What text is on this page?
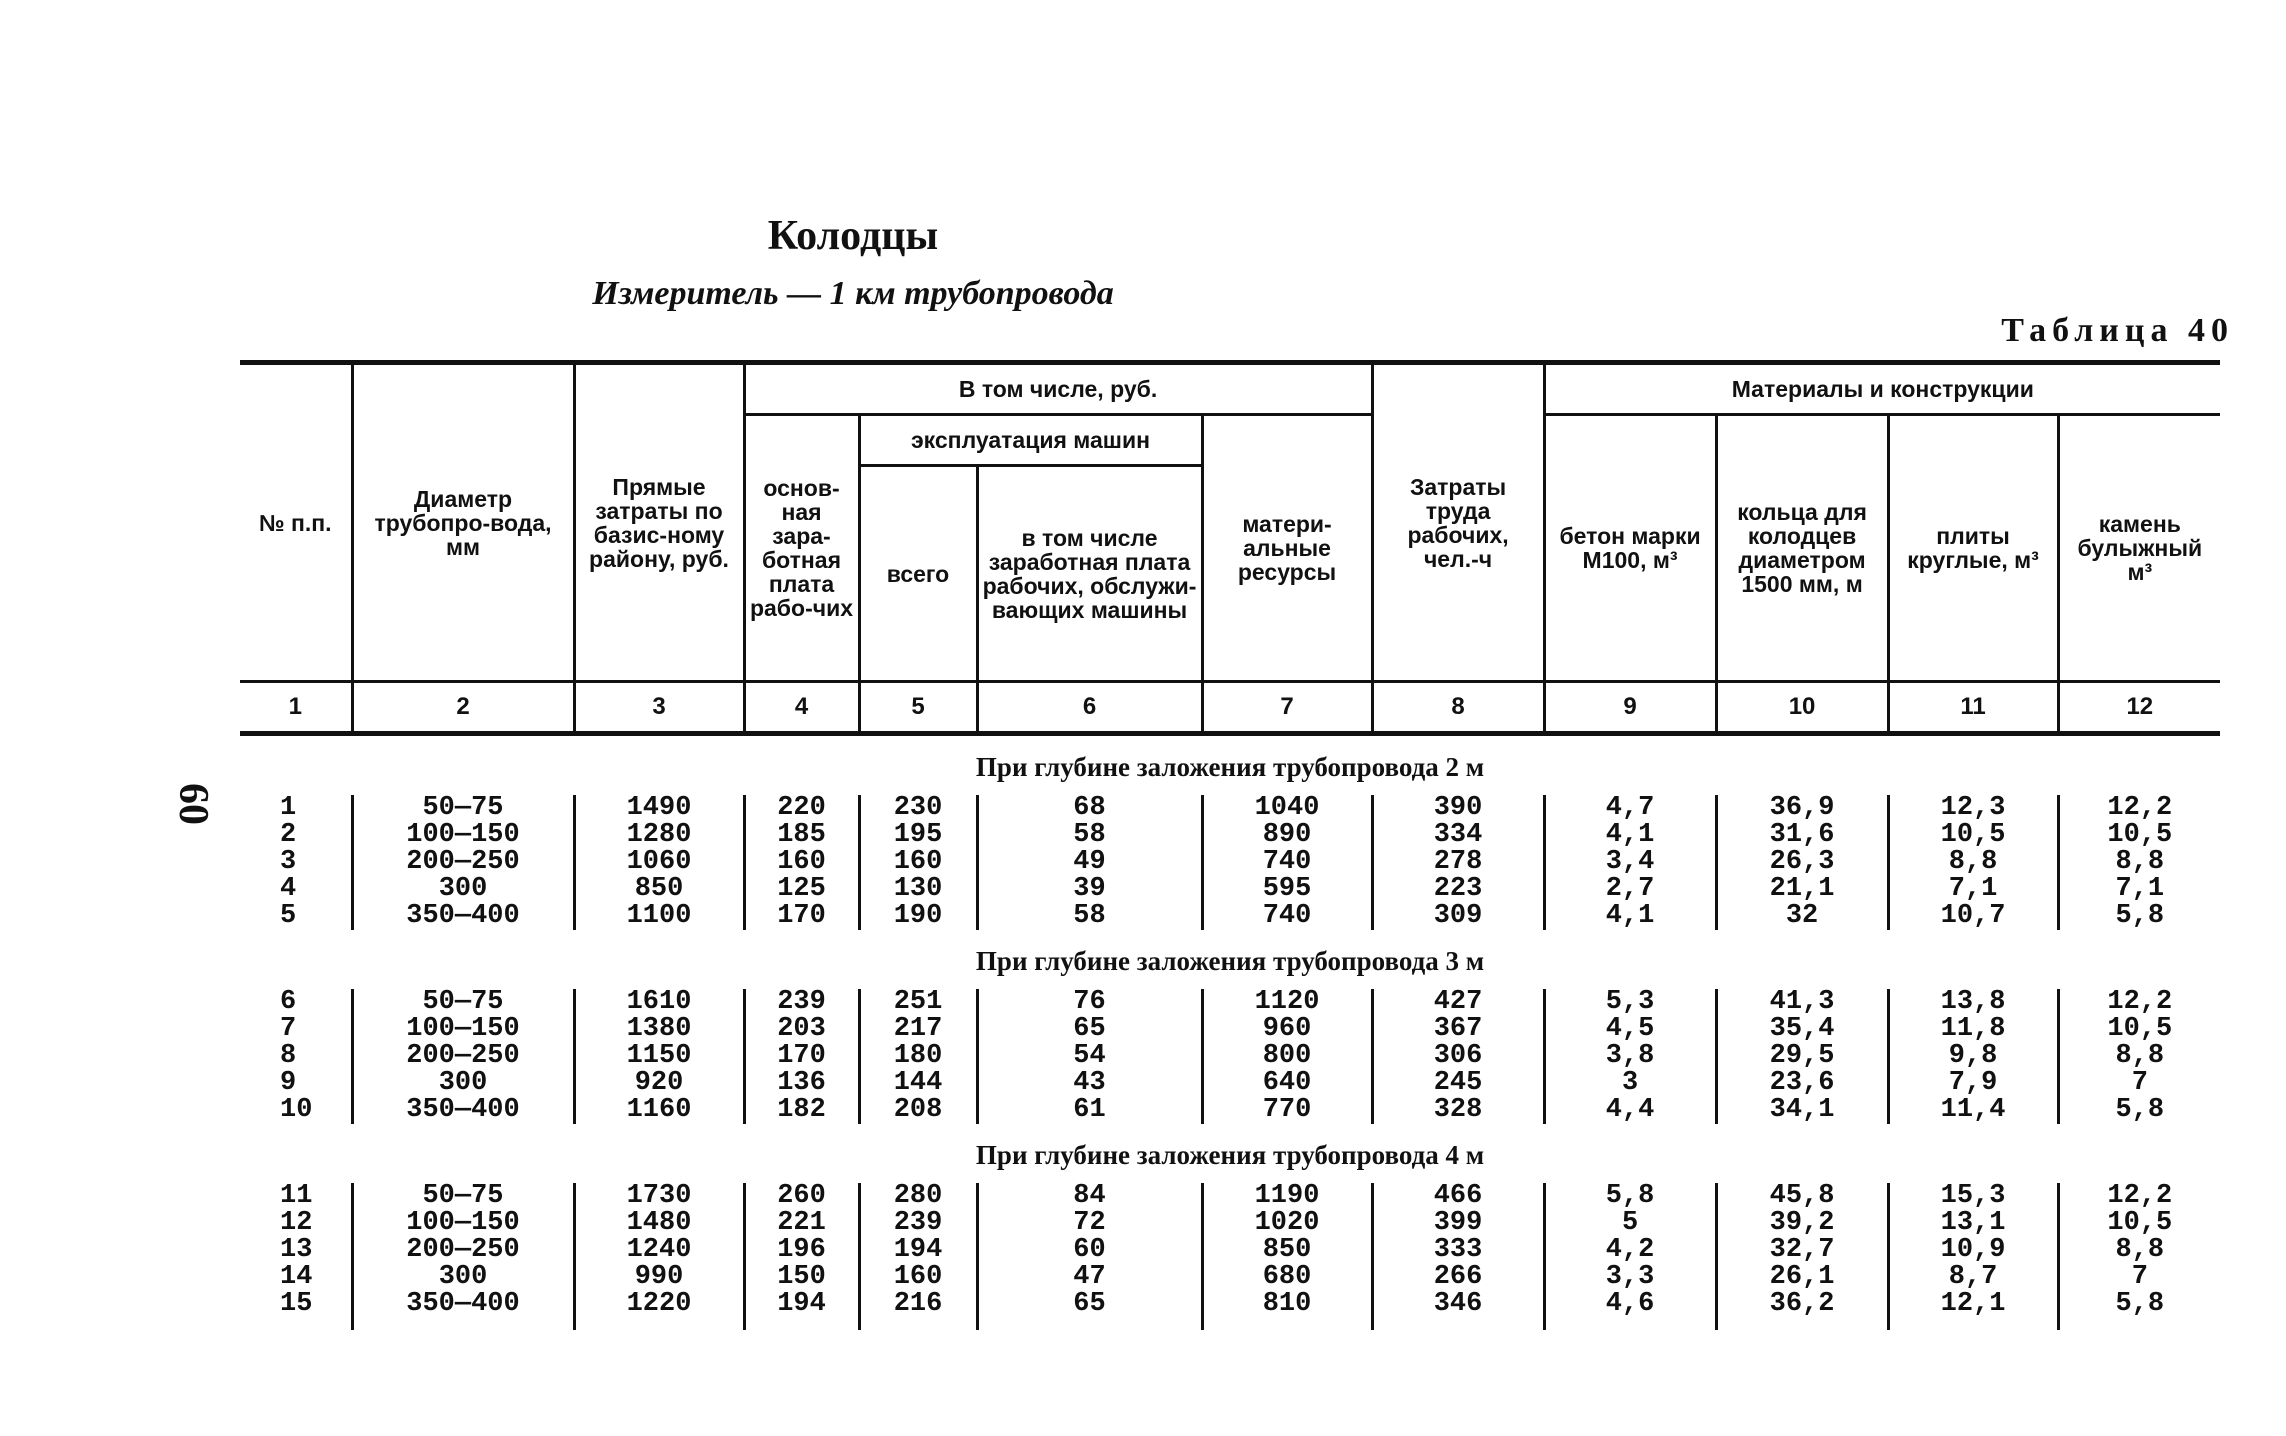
Колодцы
Измеритель — 1 км трубопровода
Таблица 40
60
№ п.п.	Диаметр трубопро-вода, мм	Прямые затраты по базис-ному району, руб.	В том числе, руб.				Затраты труда рабочих, чел.-ч	Материалы и конструкции			
			основ-ная зара-ботная плата рабо-чих	эксплуатация машин		матери-альные ресурсы		бетон марки М100, м³	кольца для колодцев диаметром 1500 мм, м	плиты круглые, м³	камень булыжный м³
				всего	в том числе заработная плата рабочих, обслужи-вающих машины						
1	2	3	4	5	6	7	8	9	10	11	12
При глубине заложения трубопровода 2 м											
1	50—75	1490	220	230	68	1040	390	4,7	36,9	12,3	12,2
2	100—150	1280	185	195	58	890	334	4,1	31,6	10,5	10,5
3	200—250	1060	160	160	49	740	278	3,4	26,3	8,8	8,8
4	300	850	125	130	39	595	223	2,7	21,1	7,1	7,1
5	350—400	1100	170	190	58	740	309	4,1	32	10,7	5,8
При глубине заложения трубопровода 3 м											
6	50—75	1610	239	251	76	1120	427	5,3	41,3	13,8	12,2
7	100—150	1380	203	217	65	960	367	4,5	35,4	11,8	10,5
8	200—250	1150	170	180	54	800	306	3,8	29,5	9,8	8,8
9	300	920	136	144	43	640	245	3	23,6	7,9	7
10	350—400	1160	182	208	61	770	328	4,4	34,1	11,4	5,8
При глубине заложения трубопровода 4 м											
11	50—75	1730	260	280	84	1190	466	5,8	45,8	15,3	12,2
12	100—150	1480	221	239	72	1020	399	5	39,2	13,1	10,5
13	200—250	1240	196	194	60	850	333	4,2	32,7	10,9	8,8
14	300	990	150	160	47	680	266	3,3	26,1	8,7	7
15	350—400	1220	194	216	65	810	346	4,6	36,2	12,1	5,8
